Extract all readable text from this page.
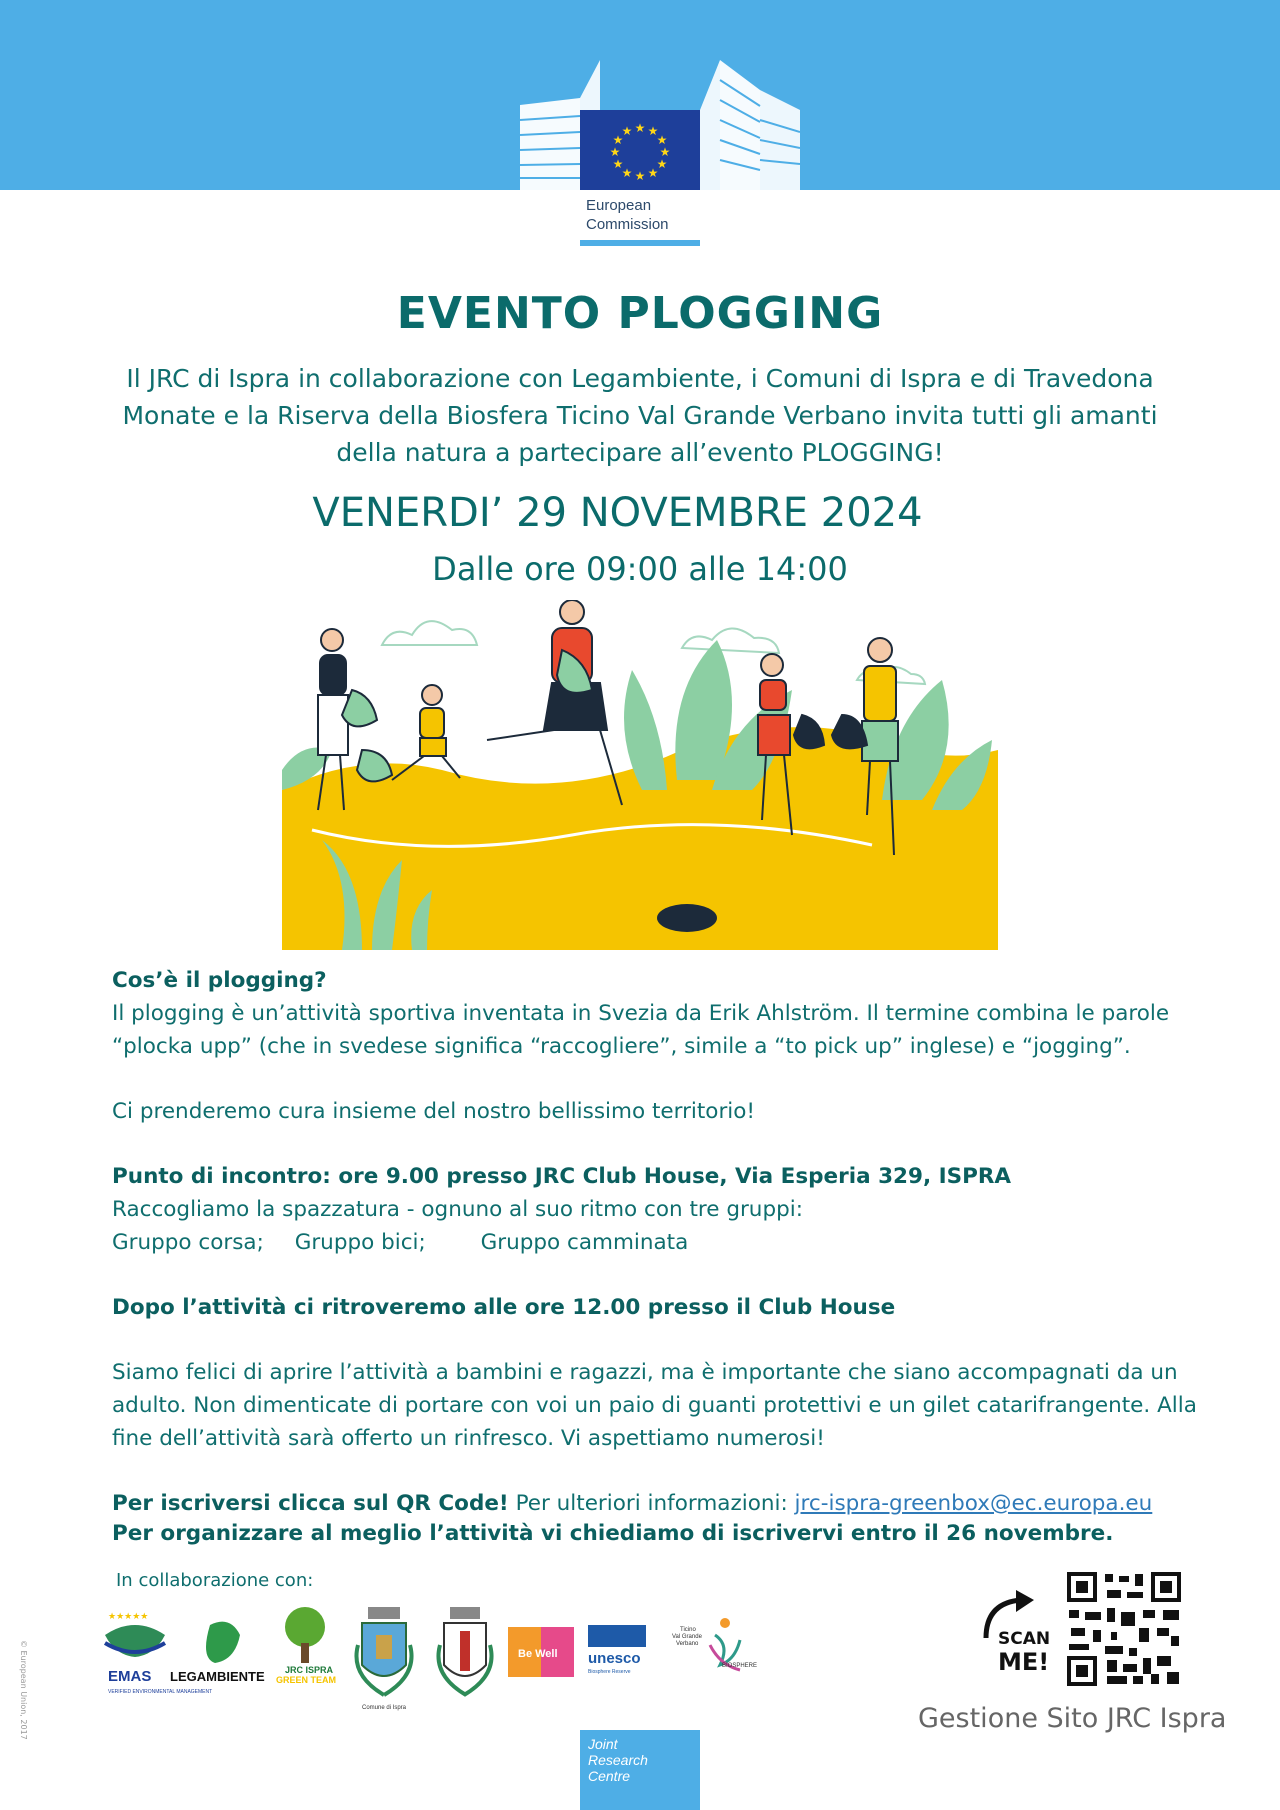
★ ★
★
★
★
★
★
★
★
★
★
★
European
Commission
EVENTO PLOGGING

Il JRC di Ispra in collaborazione con Legambiente, i Comuni di Ispra e di Travedona Monate e la Riserva della Biosfera Ticino Val Grande Verbano invita tutti gli amanti della natura a partecipare all’evento PLOGGING!

VENERDI’ 29 NOVEMBRE 2024
Dalle ore 09:00 alle 14:00

Cos’è il plogging?

Il plogging è un’attività sportiva inventata in Svezia da Erik Ahlström. Il termine combina le parole “plocka upp” (che in svedese significa “raccogliere”, simile a “to pick up” inglese) e “jogging”.

Ci prenderemo cura insieme del nostro bellissimo territorio!

Punto di incontro: ore 9.00 presso JRC Club House, Via Esperia 329, ISPRA

Raccogliamo la spazzatura - ognuno al suo ritmo con tre gruppi:

Gruppo corsa; Gruppo bici;	Gruppo camminata

Dopo l’attività ci ritroveremo alle ore 12.00 presso il Club House

Siamo felici di aprire l’attività a bambini e ragazzi, ma è importante che siano accompagnati da un adulto. Non dimenticate di portare con voi un paio di guanti protettivi e un gilet catarifrangente. Alla fine dell’attività sarà offerto un rinfresco. Vi aspettiamo numerosi!

Per iscriversi clicca sul QR Code! Per ulteriori informazioni: jrc-ispra-greenbox@ec.europa.eu

Per organizzare al meglio l’attività vi chiediamo di iscrivervi entro il 26 novembre.

In collaborazione con:
★★★★★
EMAS
VERIFIED ENVIRONMENTAL MANAGEMENT
LEGAMBIENTE JRC ISPRA
GREEN TEAM
Comune di Ispra
Be Well unesco
Biosphere Reserve
Ticino
Val Grande
Verbano
BIOSPHERE
SCAN
ME!
Gestione Sito JRC Ispra
Joint
Research
Centre
© European Union, 2017
